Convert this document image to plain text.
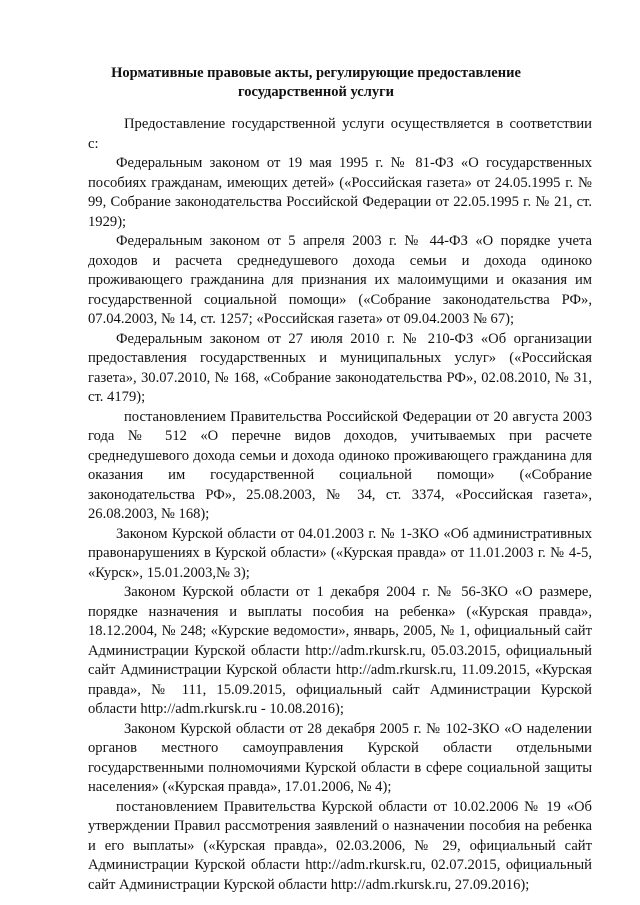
Нормативные правовые акты, регулирующие предоставление
государственной услуги

Предоставление государственной услуги осуществляется в соответствии с:

Федеральным законом от 19 мая 1995 г. № 81-ФЗ «О государственных пособиях гражданам, имеющих детей» («Российская газета» от 24.05.1995 г. № 99, Собрание законодательства Российской Федерации от 22.05.1995 г. № 21, ст. 1929);

Федеральным законом от 5 апреля 2003 г. № 44-ФЗ «О порядке учета доходов и расчета среднедушевого дохода семьи и дохода одиноко проживающего гражданина для признания их малоимущими и оказания им государственной социальной помощи» («Собрание законодательства РФ», 07.04.2003, № 14, ст. 1257; «Российская газета» от 09.04.2003 № 67);

Федеральным законом от 27 июля 2010 г. № 210-ФЗ «Об организации предоставления государственных и муниципальных услуг» («Российская газета», 30.07.2010, № 168, «Собрание законодательства РФ», 02.08.2010, № 31, ст. 4179);

постановлением Правительства Российской Федерации от 20 августа 2003 года № 512 «О перечне видов доходов, учитываемых при расчете среднедушевого дохода семьи и дохода одиноко проживающего гражданина для оказания им государственной социальной помощи» («Собрание законодательства РФ», 25.08.2003, № 34, ст. 3374, «Российская газета», 26.08.2003, № 168);

Законом Курской области от 04.01.2003 г. № 1-ЗКО «Об административных правонарушениях в Курской области» («Курская правда» от 11.01.2003 г. № 4-5, «Курск», 15.01.2003,№ 3);

Законом Курской области от 1 декабря 2004 г. № 56-ЗКО «О размере, порядке назначения и выплаты пособия на ребенка» («Курская правда», 18.12.2004, № 248; «Курские ведомости», январь, 2005, № 1, официальный сайт Администрации Курской области http://adm.rkursk.ru, 05.03.2015, официальный сайт Администрации Курской области http://adm.rkursk.ru, 11.09.2015, «Курская правда», № 111, 15.09.2015, официальный сайт Администрации Курской области http://adm.rkursk.ru - 10.08.2016);

Законом Курской области от 28 декабря 2005 г. № 102-ЗКО «О наделении органов местного самоуправления Курской области отдельными государственными полномочиями Курской области в сфере социальной защиты населения» («Курская правда», 17.01.2006, № 4);

постановлением Правительства Курской области от 10.02.2006 № 19 «Об утверждении Правил рассмотрения заявлений о назначении пособия на ребенка и его выплаты» («Курская правда», 02.03.2006, № 29, официальный сайт Администрации Курской области http://adm.rkursk.ru, 02.07.2015, официальный сайт Администрации Курской области http://adm.rkursk.ru, 27.09.2016);
